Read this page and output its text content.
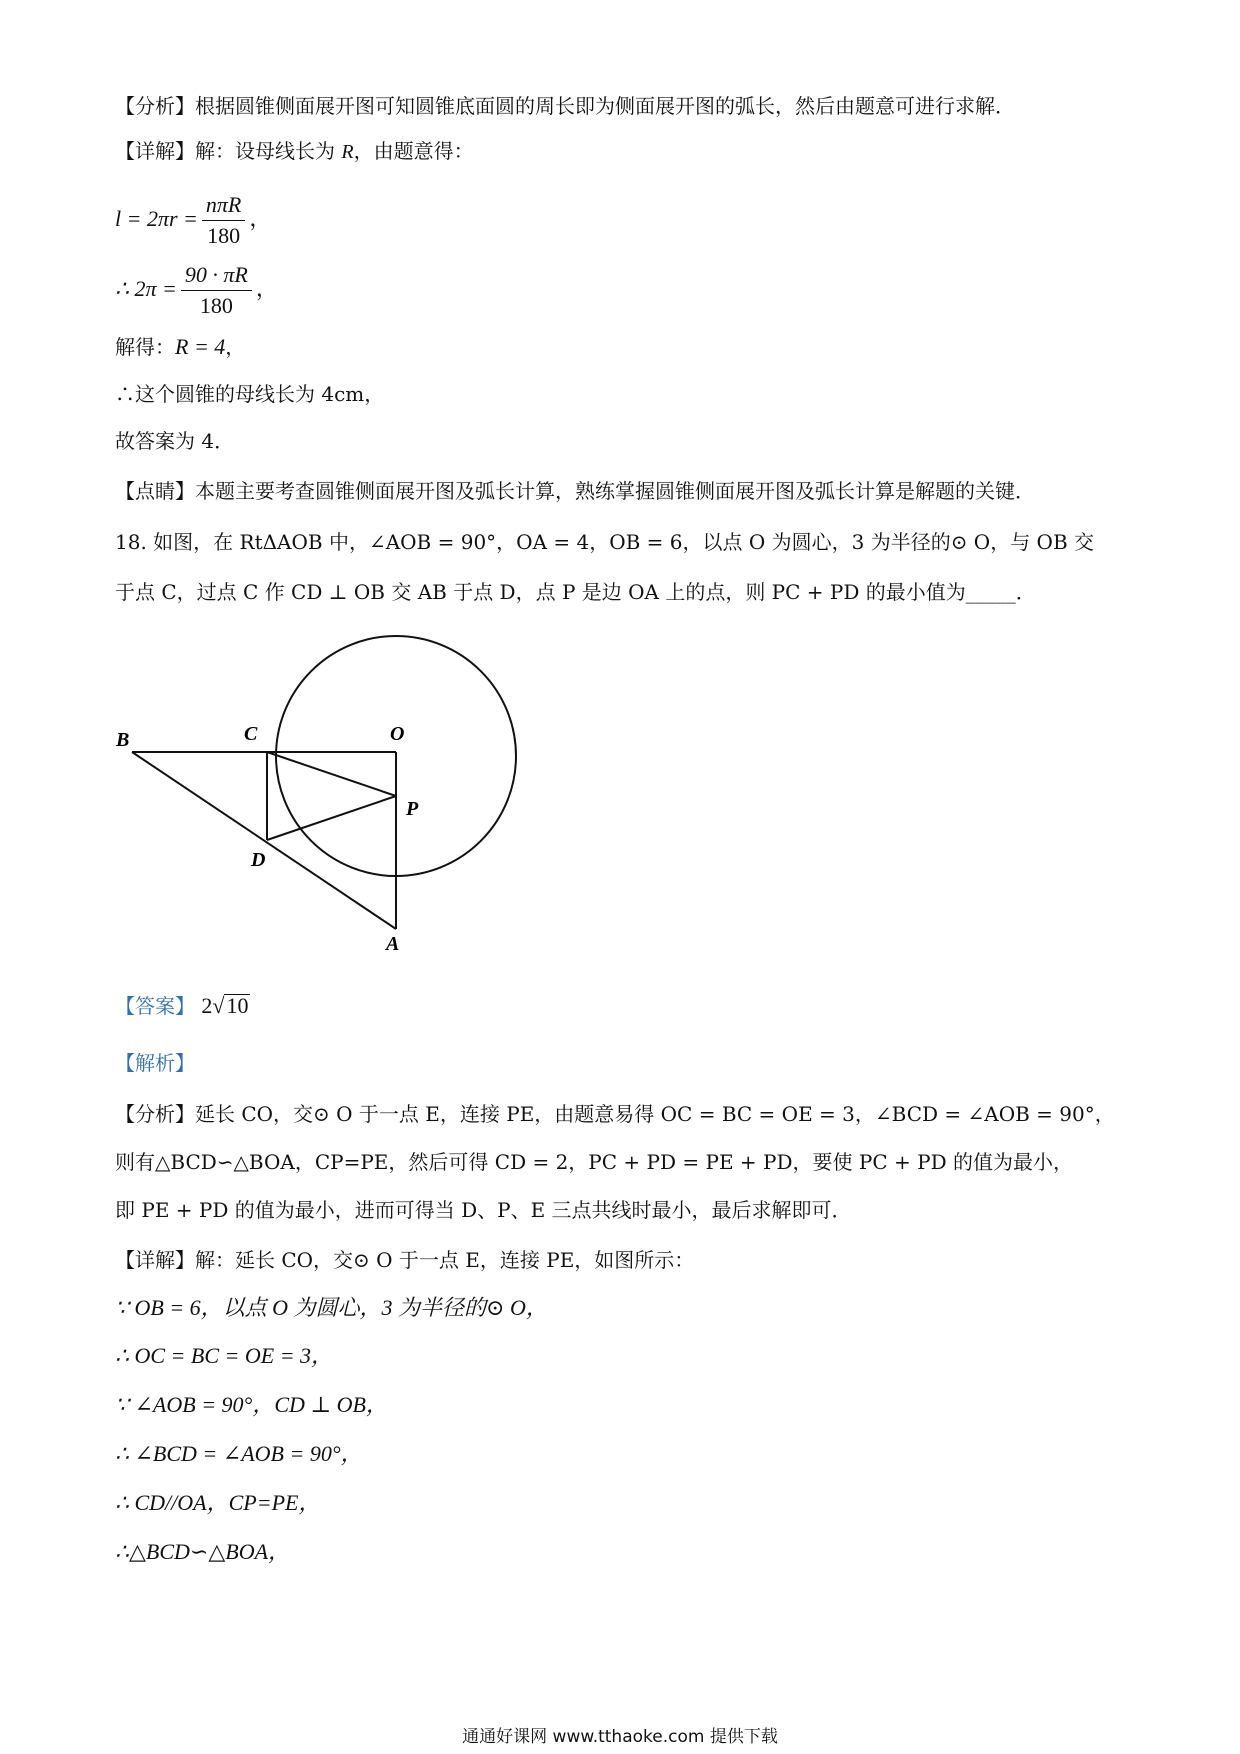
【分析】根据圆锥侧面展开图可知圆锥底面圆的周长即为侧面展开图的弧长，然后由题意可进行求解．
【详解】解：设母线长为 R，由题意得：
$l = 2\pi r = \frac{\text{nπR}}{180}$ ，
∴ $2\pi = \frac{90 \cdot \pi R}{180}$ ，
解得：R = 4，
∴这个圆锥的母线长为 4cm，
故答案为 4．
【点睛】本题主要考查圆锥侧面展开图及弧长计算，熟练掌握圆锥侧面展开图及弧长计算是解题的关键．
18. 如图，在 RtΔAOB 中，∠AOB = 90°，OA = 4，OB = 6，以点 O 为圆心，3 为半径的⊙ O，与 OB 交
于点 C，过点 C 作 CD ⊥ OB 交 AB 于点 D，点 P 是边 OA 上的点，则 PC + PD 的最小值为_____．
B	C	O
P
D
A
【答案】 2√10
【解析】
【分析】延长 CO，交⊙ O 于一点 E，连接 PE，由题意易得 OC = BC = OE = 3，∠BCD = ∠AOB = 90°，
则有△BCD∽△BOA，CP=PE，然后可得 CD = 2，PC + PD = PE + PD，要使 PC + PD 的值为最小，
即 PE + PD 的值为最小，进而可得当 D、P、E 三点共线时最小，最后求解即可．
【详解】解：延长 CO，交⊙ O 于一点 E，连接 PE，如图所示：
∵ OB = 6，以点 O 为圆心，3 为半径的⊙ O，
∴ OC = BC = OE = 3，
∵ ∠AOB = 90°，CD ⊥ OB，
∴ ∠BCD = ∠AOB = 90°，
∴ CD//OA，CP=PE，
∴△BCD∽△BOA，
通通好课网 www.tthaoke.com 提供下载
